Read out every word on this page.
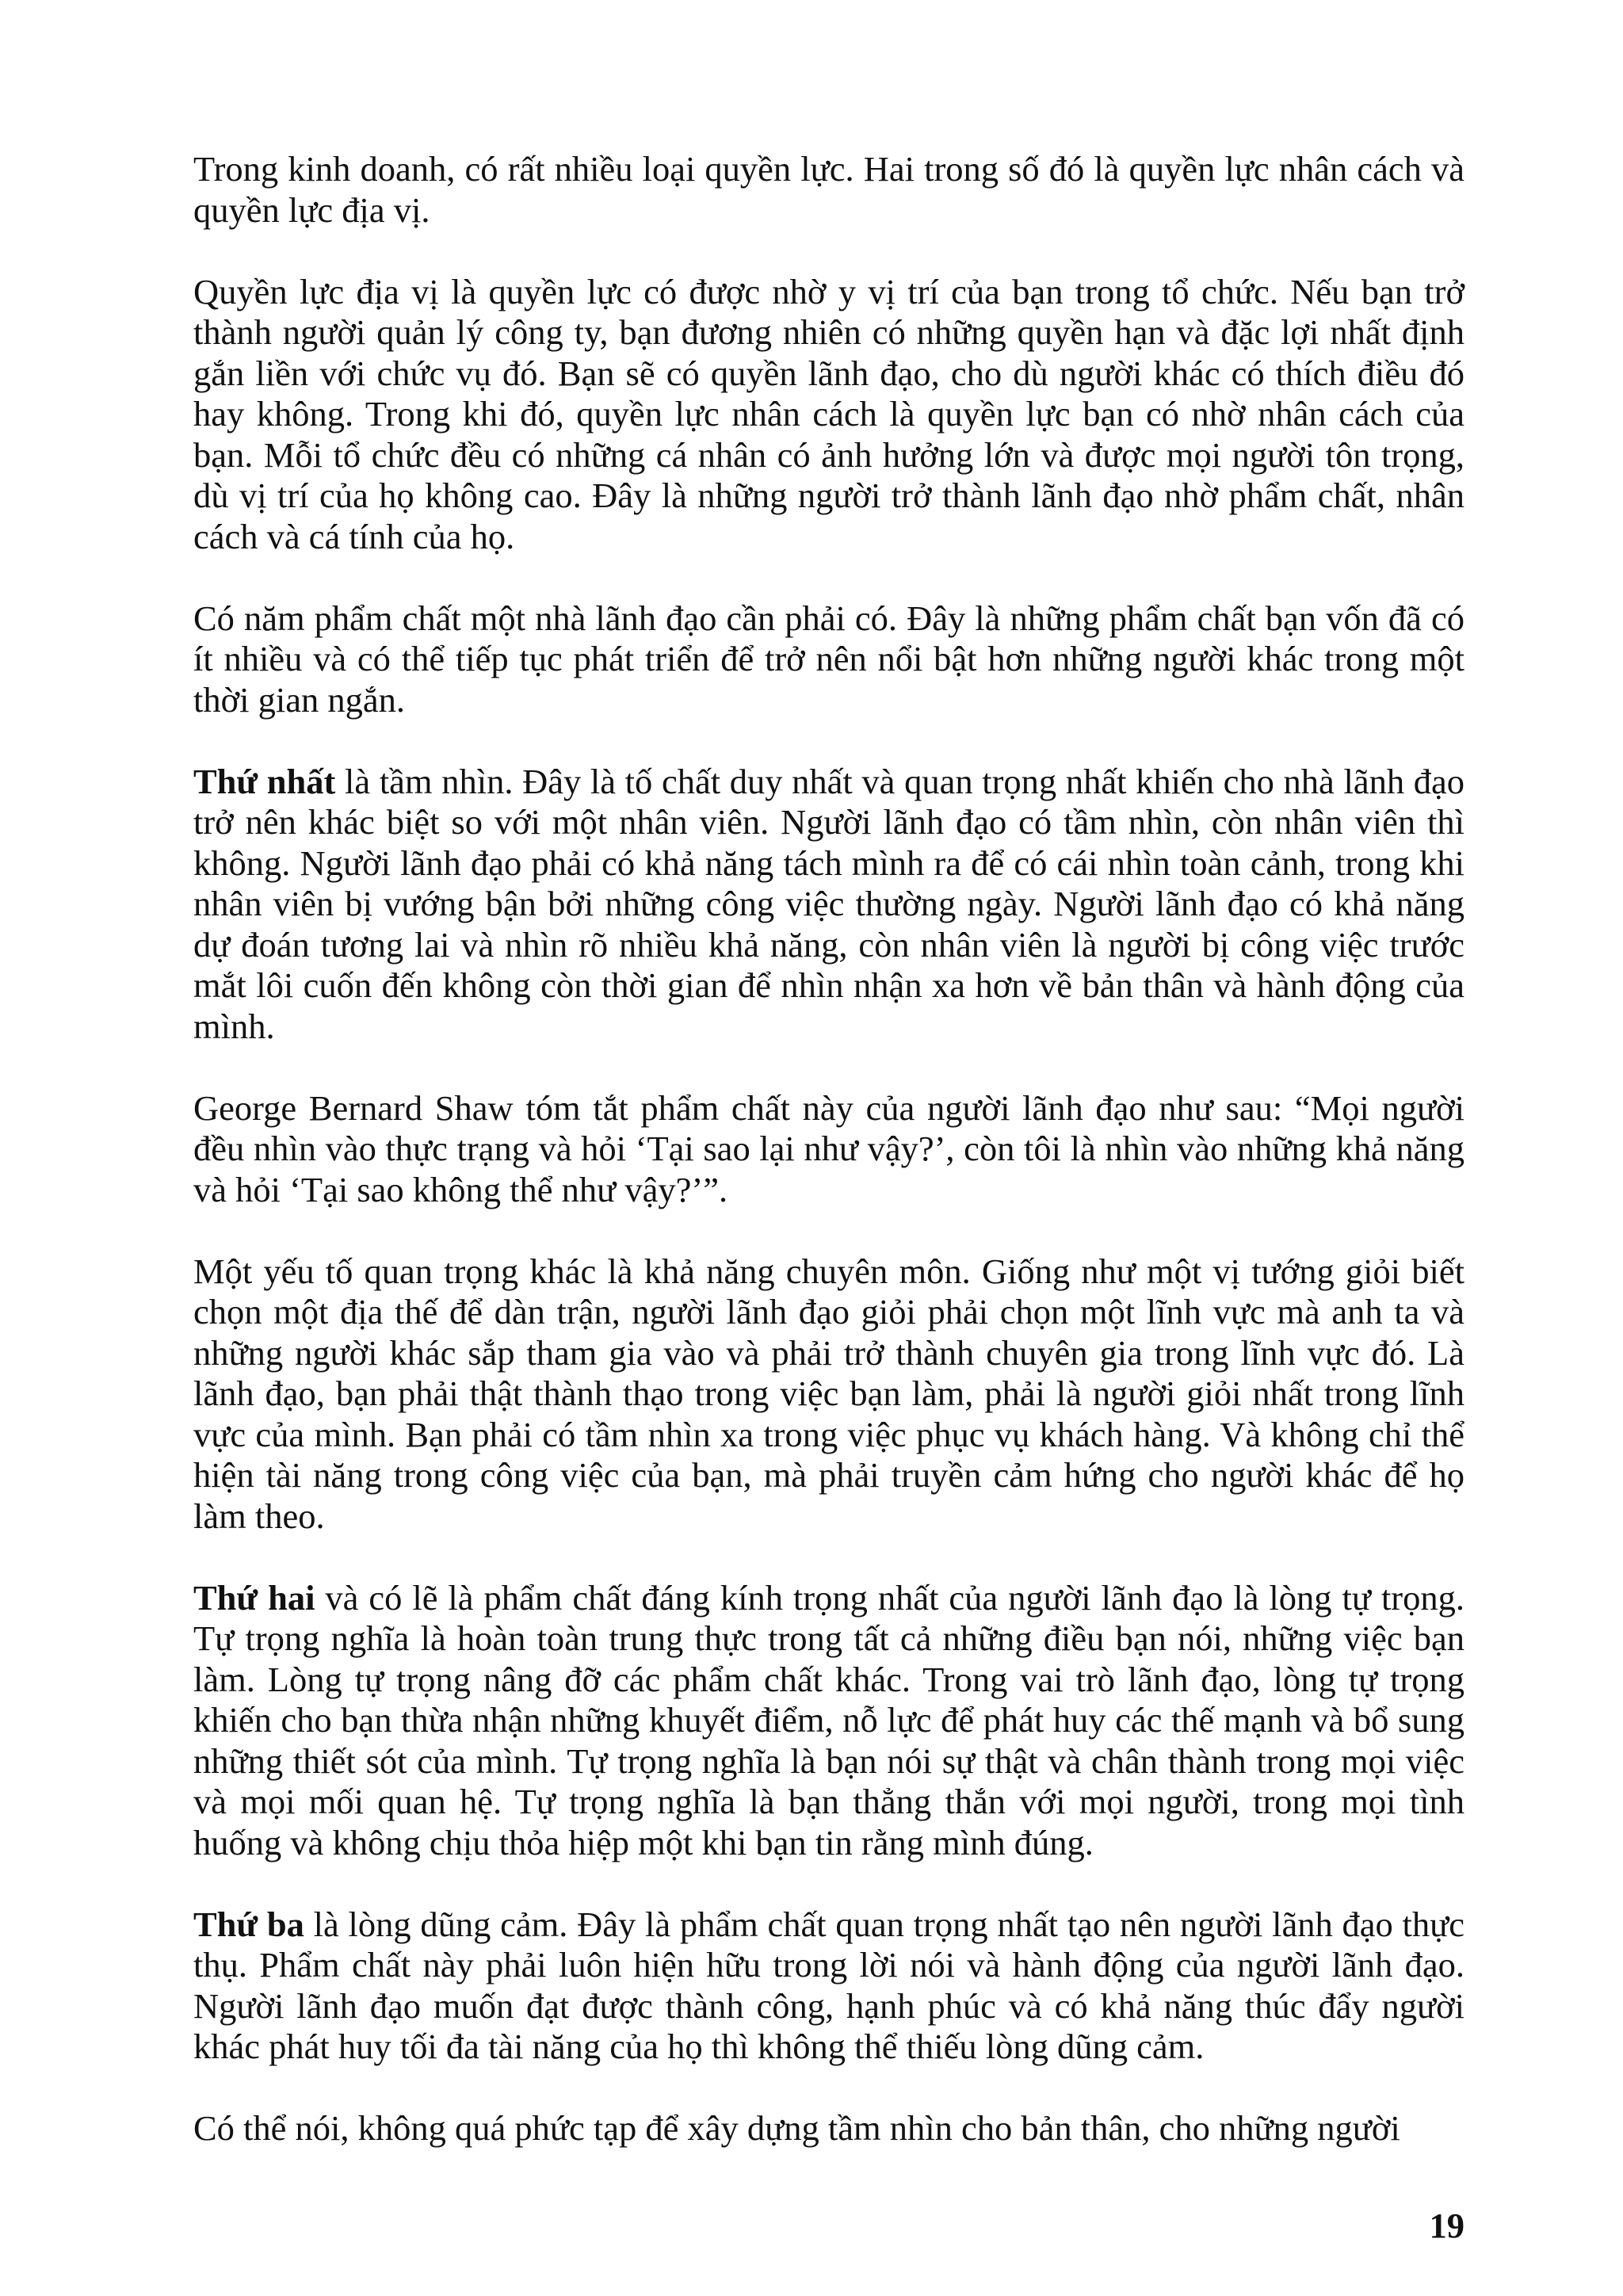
Trong kinh doanh, có rất nhiều loại quyền lực. Hai trong số đó là quyền lực nhân cách và quyền lực địa vị.

Quyền lực địa vị là quyền lực có được nhờ y vị trí của bạn trong tổ chức. Nếu bạn trở thành người quản lý công ty, bạn đương nhiên có những quyền hạn và đặc lợi nhất định gắn liền với chức vụ đó. Bạn sẽ có quyền lãnh đạo, cho dù người khác có thích điều đó hay không. Trong khi đó, quyền lực nhân cách là quyền lực bạn có nhờ nhân cách của bạn. Mỗi tổ chức đều có những cá nhân có ảnh hưởng lớn và được mọi người tôn trọng, dù vị trí của họ không cao. Đây là những người trở thành lãnh đạo nhờ phẩm chất, nhân cách và cá tính của họ.

Có năm phẩm chất một nhà lãnh đạo cần phải có. Đây là những phẩm chất bạn vốn đã có ít nhiều và có thể tiếp tục phát triển để trở nên nổi bật hơn những người khác trong một thời gian ngắn.

Thứ nhất là tầm nhìn. Đây là tố chất duy nhất và quan trọng nhất khiến cho nhà lãnh đạo trở nên khác biệt so với một nhân viên. Người lãnh đạo có tầm nhìn, còn nhân viên thì không. Người lãnh đạo phải có khả năng tách mình ra để có cái nhìn toàn cảnh, trong khi nhân viên bị vướng bận bởi những công việc thường ngày. Người lãnh đạo có khả năng dự đoán tương lai và nhìn rõ nhiều khả năng, còn nhân viên là người bị công việc trước mắt lôi cuốn đến không còn thời gian để nhìn nhận xa hơn về bản thân và hành động của mình.

George Bernard Shaw tóm tắt phẩm chất này của người lãnh đạo như sau: “Mọi người đều nhìn vào thực trạng và hỏi ‘Tại sao lại như vậy?’, còn tôi là nhìn vào những khả năng và hỏi ‘Tại sao không thể như vậy?’”.

Một yếu tố quan trọng khác là khả năng chuyên môn. Giống như một vị tướng giỏi biết chọn một địa thế để dàn trận, người lãnh đạo giỏi phải chọn một lĩnh vực mà anh ta và những người khác sắp tham gia vào và phải trở thành chuyên gia trong lĩnh vực đó. Là lãnh đạo, bạn phải thật thành thạo trong việc bạn làm, phải là người giỏi nhất trong lĩnh vực của mình. Bạn phải có tầm nhìn xa trong việc phục vụ khách hàng. Và không chỉ thể hiện tài năng trong công việc của bạn, mà phải truyền cảm hứng cho người khác để họ làm theo.

Thứ hai và có lẽ là phẩm chất đáng kính trọng nhất của người lãnh đạo là lòng tự trọng. Tự trọng nghĩa là hoàn toàn trung thực trong tất cả những điều bạn nói, những việc bạn làm. Lòng tự trọng nâng đỡ các phẩm chất khác. Trong vai trò lãnh đạo, lòng tự trọng khiến cho bạn thừa nhận những khuyết điểm, nỗ lực để phát huy các thế mạnh và bổ sung những thiết sót của mình. Tự trọng nghĩa là bạn nói sự thật và chân thành trong mọi việc và mọi mối quan hệ. Tự trọng nghĩa là bạn thẳng thắn với mọi người, trong mọi tình huống và không chịu thỏa hiệp một khi bạn tin rằng mình đúng.

Thứ ba là lòng dũng cảm. Đây là phẩm chất quan trọng nhất tạo nên người lãnh đạo thực thụ. Phẩm chất này phải luôn hiện hữu trong lời nói và hành động của người lãnh đạo. Người lãnh đạo muốn đạt được thành công, hạnh phúc và có khả năng thúc đẩy người khác phát huy tối đa tài năng của họ thì không thể thiếu lòng dũng cảm.

Có thể nói, không quá phức tạp để xây dựng tầm nhìn cho bản thân, cho những người

19
